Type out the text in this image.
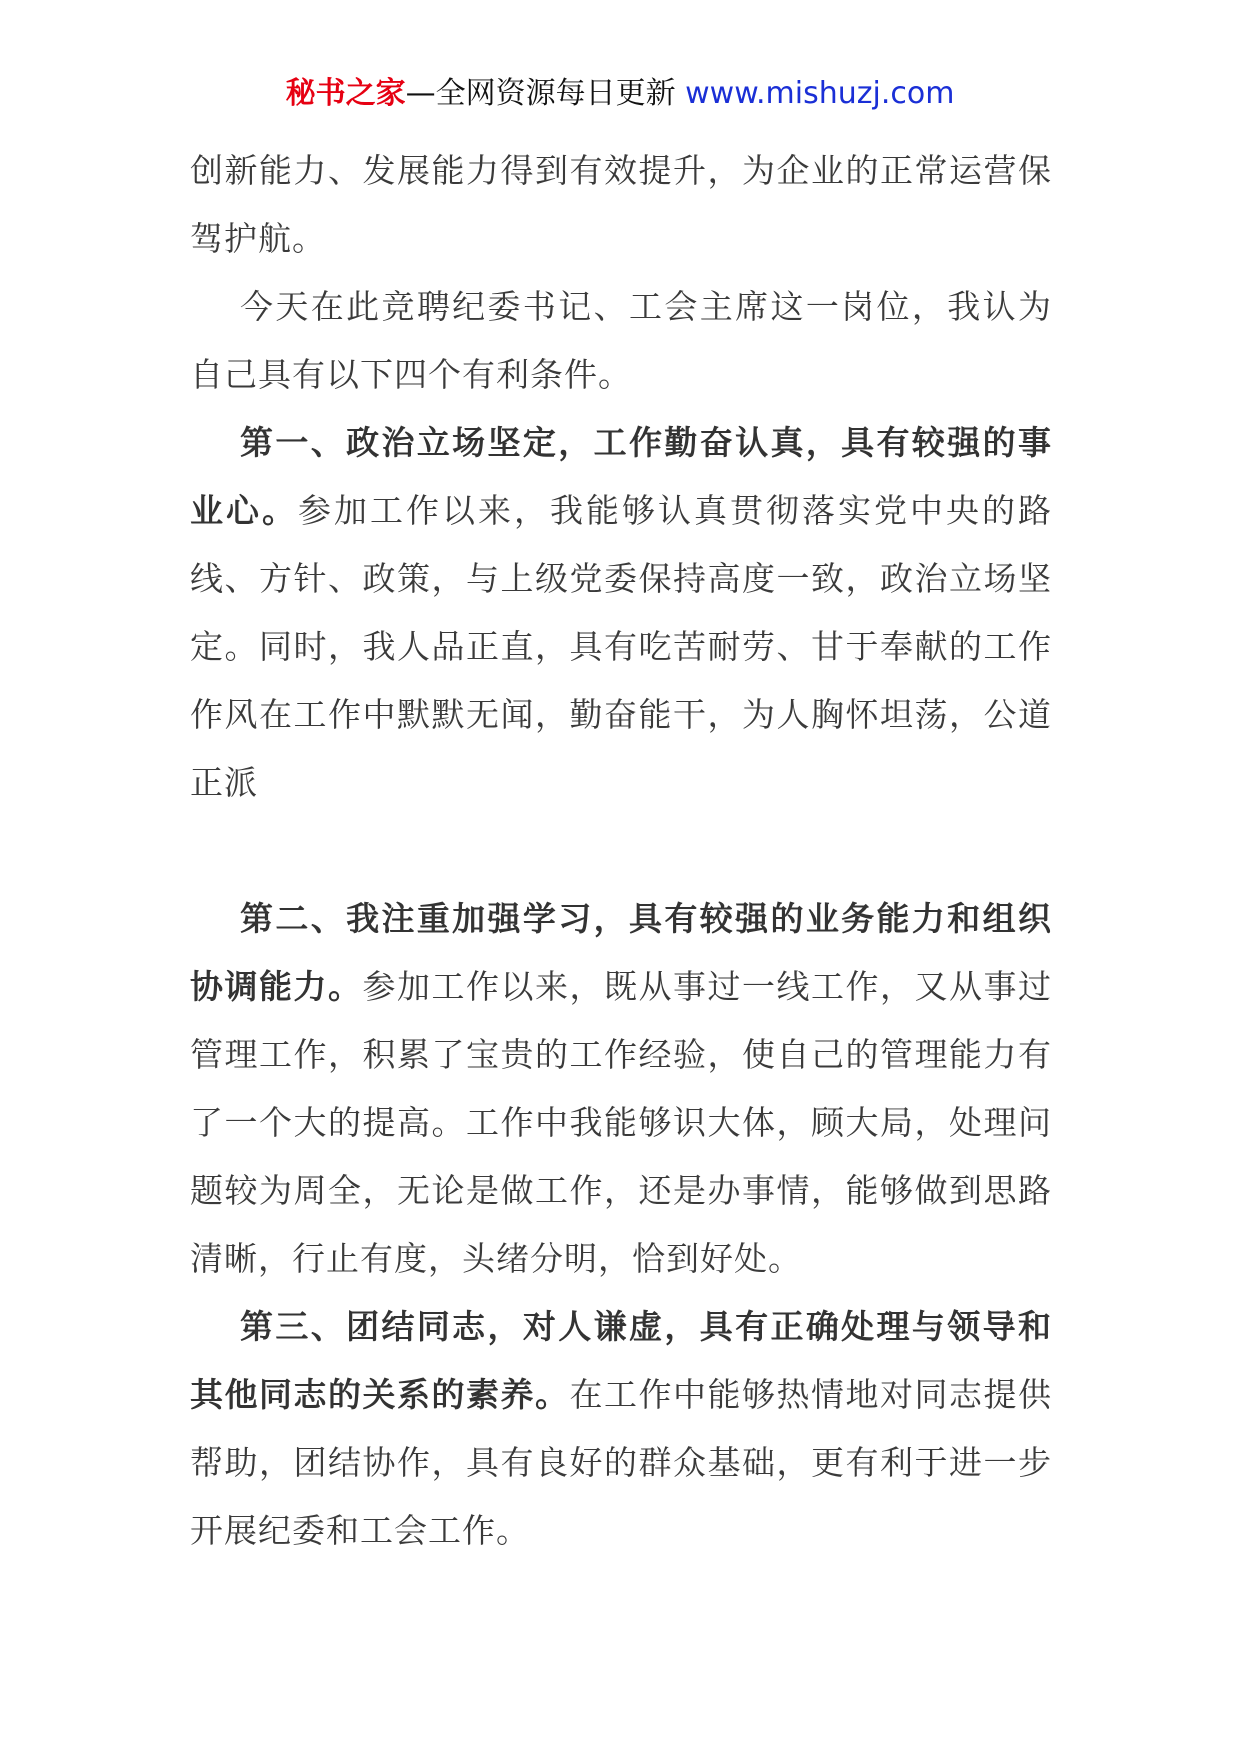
秘书之家—全网资源每日更新 www.mishuzj.com

创新能力、发展能力得到有效提升，为企业的正常运营保驾护航。

今天在此竞聘纪委书记、工会主席这一岗位，我认为自己具有以下四个有利条件。

第一、政治立场坚定，工作勤奋认真，具有较强的事业心。参加工作以来，我能够认真贯彻落实党中央的路线、方针、政策，与上级党委保持高度一致，政治立场坚定。同时，我人品正直，具有吃苦耐劳、甘于奉献的工作作风在工作中默默无闻，勤奋能干，为人胸怀坦荡，公道正派

第二、我注重加强学习，具有较强的业务能力和组织协调能力。参加工作以来，既从事过一线工作，又从事过管理工作，积累了宝贵的工作经验，使自己的管理能力有了一个大的提高。工作中我能够识大体，顾大局，处理问题较为周全，无论是做工作，还是办事情，能够做到思路清晰，行止有度，头绪分明，恰到好处。

第三、团结同志，对人谦虚，具有正确处理与领导和其他同志的关系的素养。在工作中能够热情地对同志提供帮助，团结协作，具有良好的群众基础，更有利于进一步开展纪委和工会工作。
